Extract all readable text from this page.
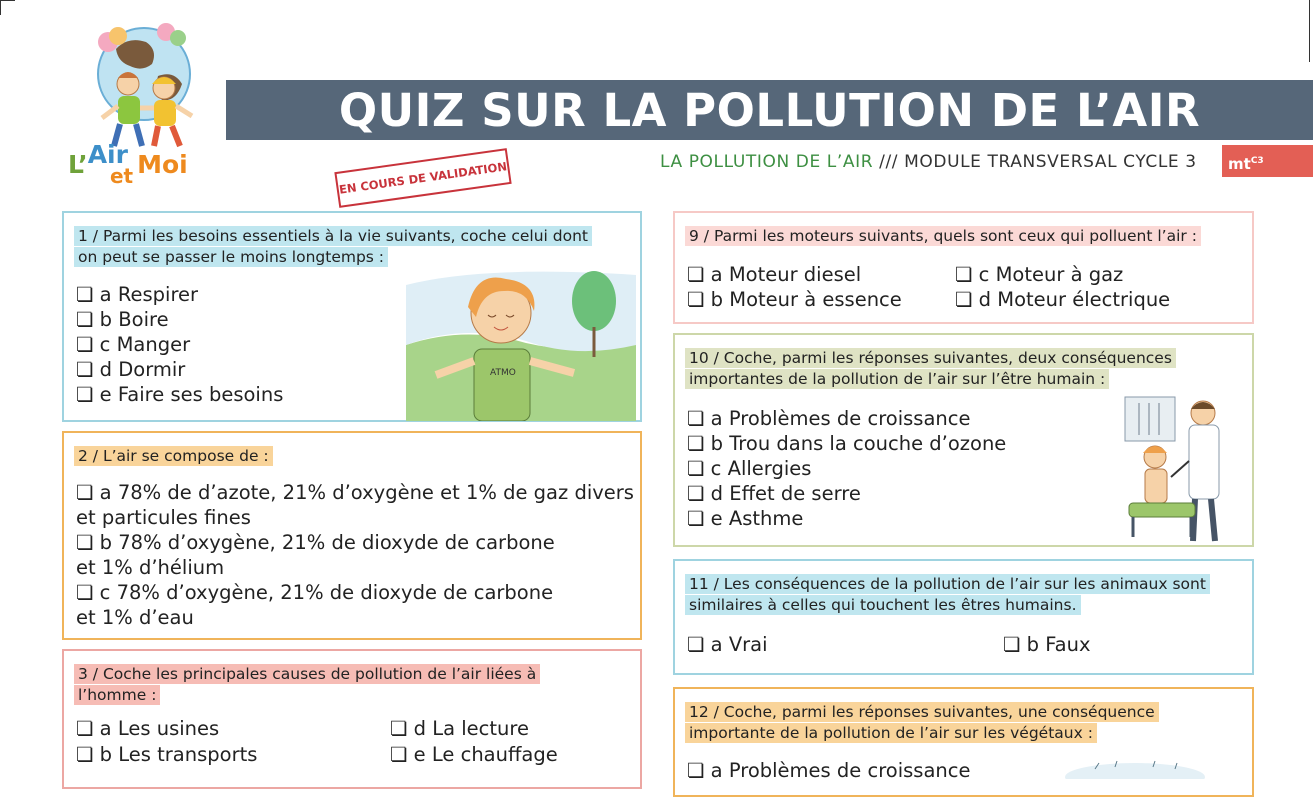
L’Air$_{et}$ Moi
QUIZ SUR LA POLLUTION DE L’AIR
EN COURS DE VALIDATION	LA POLLUTION DE L’AIR /// MODULE TRANSVERSAL CYCLE 3	$mt^{C3}$
1 / Parmi les besoins essentiels à la vie suivants, coche celui dont on peut se passer le moins longtemps :
❏ a Respirer
❏ b Boire
❏ c Manger
❏ d Dormir
❏ e Faire ses besoins
ATMO
2 / L’air se compose de :
❏ a 78% de d’azote, 21% d’oxygène et 1% de gaz divers
et particules fines
❏ b 78% d’oxygène, 21% de dioxyde de carbone
et 1% d’hélium
❏ c 78% d’oxygène, 21% de dioxyde de carbone
et 1% d’eau
3 / Coche les principales causes de pollution de l’air liées à l’homme :
❏ a Les usines
❏ b Les transports
❏ d La lecture
❏ e Le chauffage
9 / Parmi les moteurs suivants, quels sont ceux qui polluent l’air :
❏ a Moteur diesel
❏ b Moteur à essence
❏ c Moteur à gaz
❏ d Moteur électrique
10 / Coche, parmi les réponses suivantes, deux conséquences importantes de la pollution de l’air sur l’être humain :
❏ a Problèmes de croissance
❏ b Trou dans la couche d’ozone
❏ c Allergies
❏ d Effet de serre
❏ e Asthme
11 / Les conséquences de la pollution de l’air sur les animaux sont similaires à celles qui touchent les êtres humains.
❏ a Vrai	❏ b Faux
12 / Coche, parmi les réponses suivantes, une conséquence importante de la pollution de l’air sur les végétaux :
❏ a Problèmes de croissance
